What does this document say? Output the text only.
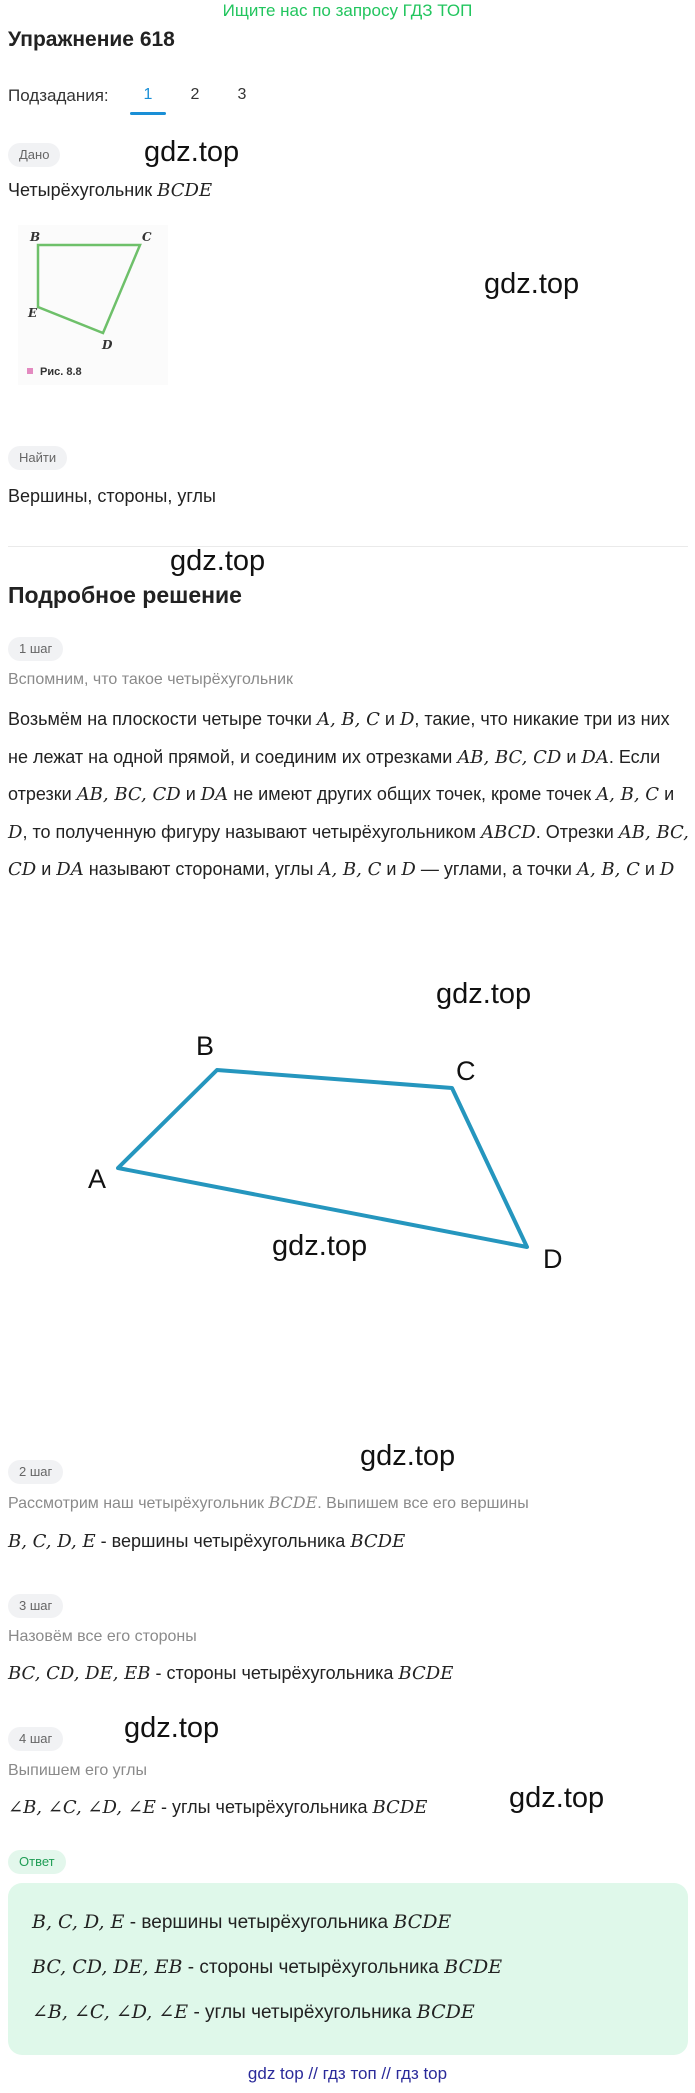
Ищите нас по запросу ГДЗ ТОП
Упражнение 618
Подзадания:	1	2	3
Дано
Четырёхугольник BCDE
B	C
E
D
Рис. 8.8
Найти
Вершины, стороны, углы
Подробное решение
1 шаг
Вспомним, что такое четырёхугольник
Возьмём на плоскости четыре точки A, B, C и D, такие, что никакие три из них не лежат на одной прямой, и соединим их отрезками AB, BC, CD и DA. Если отрезки AB, BC, CD и DA не имеют других общих точек, кроме точек A, B, C и D, то полученную фигуру называют четырёхугольником ABCD. Отрезки AB, BC, CD и DA называют сторонами, углы A, B, C и D — углами, а точки A, B, C и D
A
B
C
D
2 шаг
Рассмотрим наш четырёхугольник BCDE. Выпишем все его вершины
B, C, D, E - вершины четырёхугольника BCDE
3 шаг
Назовём все его стороны
BC, CD, DE, EB - стороны четырёхугольника BCDE
4 шаг
Выпишем его углы
∠B, ∠C, ∠D, ∠E - углы четырёхугольника BCDE
Ответ
B, C, D, E - вершины четырёхугольника BCDE
BC, CD, DE, EB - стороны четырёхугольника BCDE
∠B, ∠C, ∠D, ∠E - углы четырёхугольника BCDE
gdz.top
gdz.top
gdz.top
gdz.top
gdz.top
gdz.top
gdz.top
gdz.top
gdz top // гдз топ // гдз top
